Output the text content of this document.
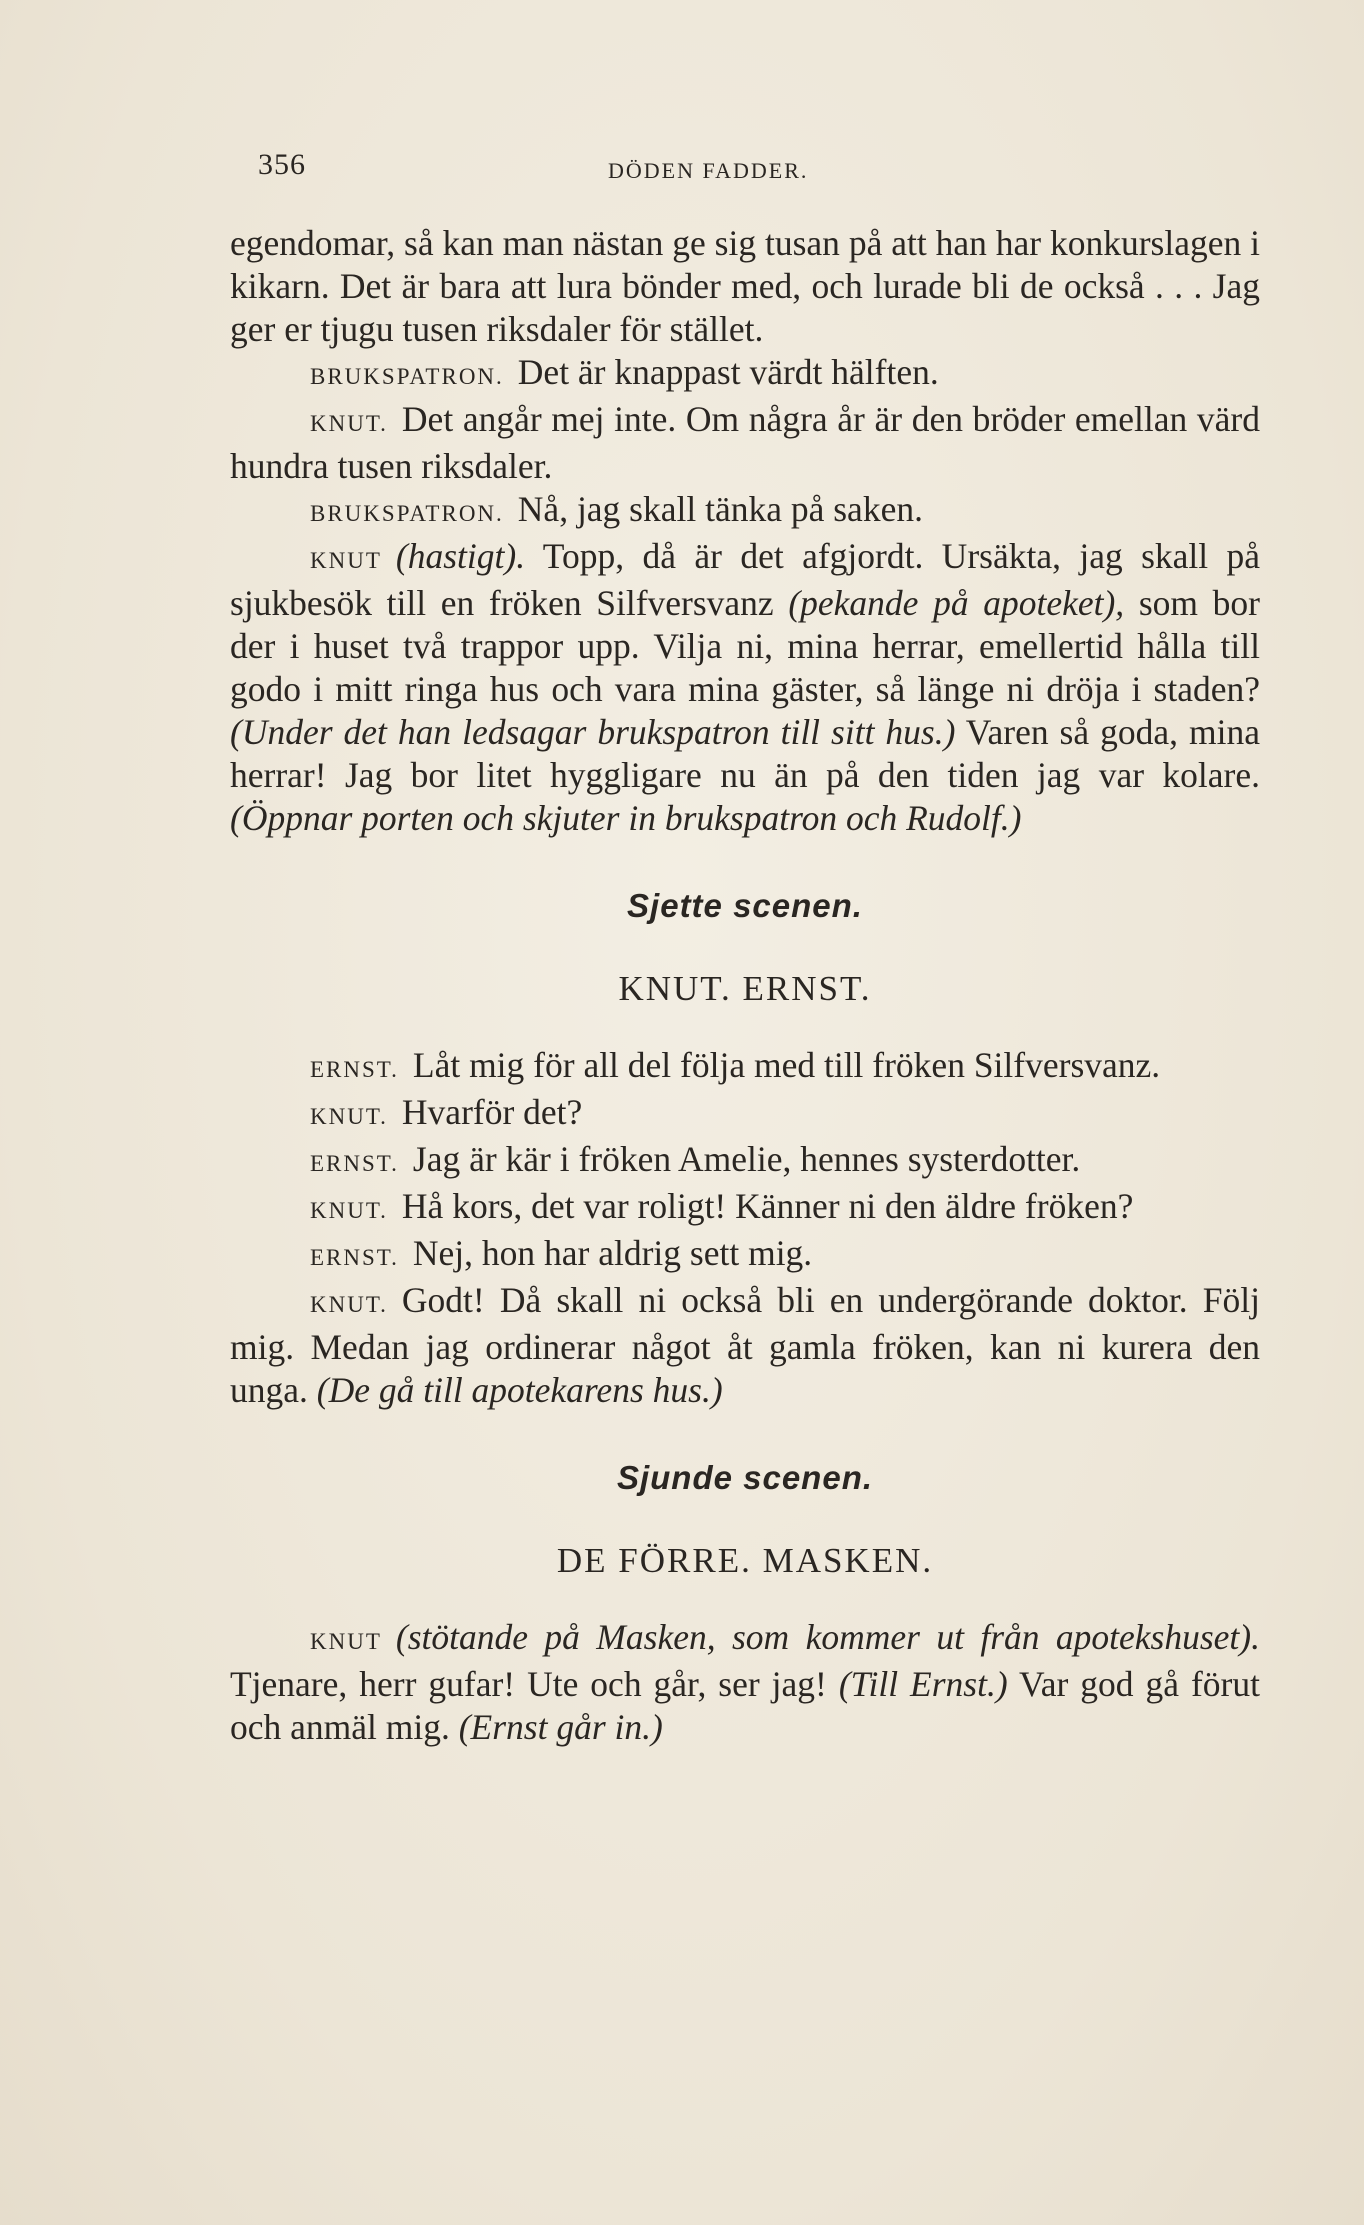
356	DÖDEN FADDER.

egendomar, så kan man nästan ge sig tusan på att han har konkurslagen i kikarn. Det är bara att lura bönder med, och lurade bli de också . . . Jag ger er tjugu tusen riksdaler för stället.

BRUKSPATRON. Det är knappast värdt hälften.

KNUT. Det angår mej inte. Om några år är den bröder emellan värd hundra tusen riksdaler.

BRUKSPATRON. Nå, jag skall tänka på saken.

KNUT (hastigt). Topp, då är det afgjordt. Ursäkta, jag skall på sjukbesök till en fröken Silfversvanz (pekande på apoteket), som bor der i huset två trappor upp. Vilja ni, mina herrar, emellertid hålla till godo i mitt ringa hus och vara mina gäster, så länge ni dröja i staden? (Under det han ledsagar brukspatron till sitt hus.) Varen så goda, mina herrar! Jag bor litet hyggligare nu än på den tiden jag var kolare. (Öppnar porten och skjuter in brukspatron och Rudolf.)

Sjette scenen.

KNUT. ERNST.

ERNST. Låt mig för all del följa med till fröken Silfversvanz.

KNUT. Hvarför det?

ERNST. Jag är kär i fröken Amelie, hennes systerdotter.

KNUT. Hå kors, det var roligt! Känner ni den äldre fröken?

ERNST. Nej, hon har aldrig sett mig.

KNUT. Godt! Då skall ni också bli en undergörande doktor. Följ mig. Medan jag ordinerar något åt gamla fröken, kan ni kurera den unga. (De gå till apotekarens hus.)

Sjunde scenen.

DE FÖRRE. MASKEN.

KNUT (stötande på Masken, som kommer ut från apotekshuset). Tjenare, herr gufar! Ute och går, ser jag! (Till Ernst.) Var god gå förut och anmäl mig. (Ernst går in.)
